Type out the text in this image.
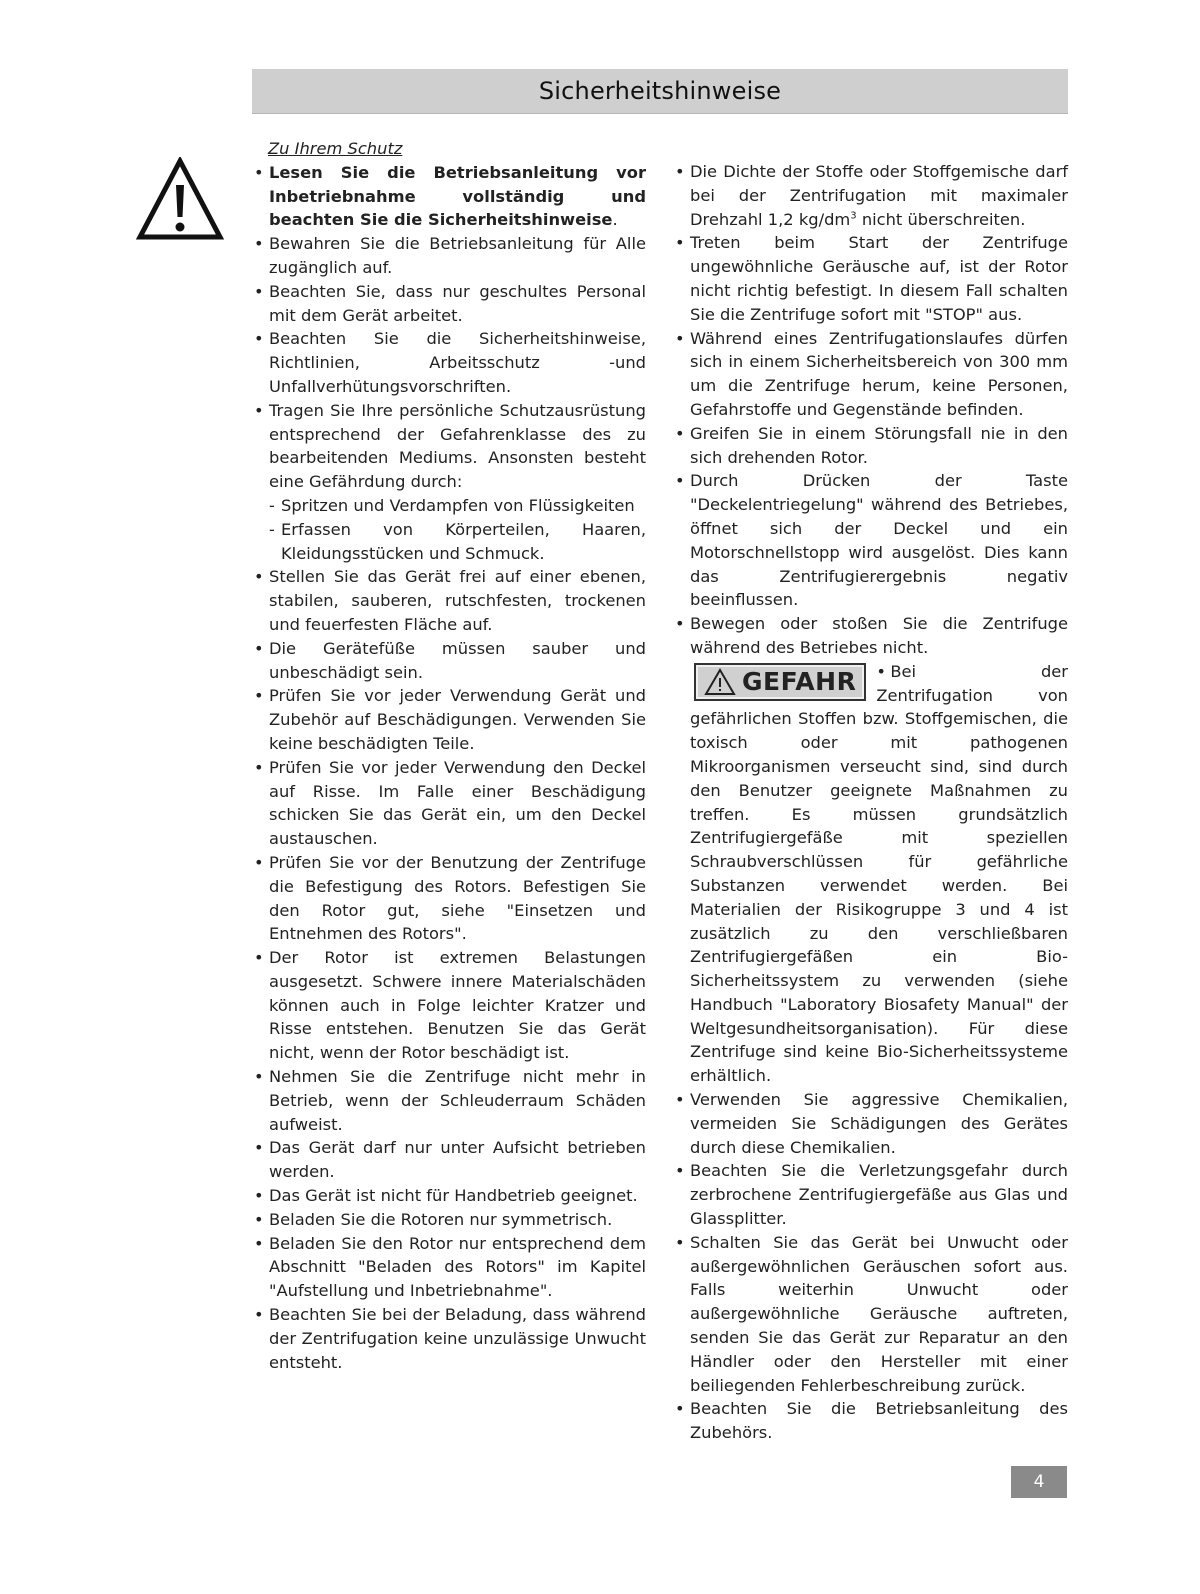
Sicherheitshinweise
Zu Ihrem Schutz
• Lesen Sie die Betriebsanleitung vor Inbetriebnahme vollständig und beachten Sie die Sicherheitshinweise.
• Bewahren Sie die Betriebsanleitung für Alle zugänglich auf.
• Beachten Sie, dass nur geschultes Personal mit dem Gerät arbeitet.
• Beachten Sie die Sicherheitshinweise, Richtlinien, Arbeitsschutz -und Unfallverhütungsvorschriften.
• Tragen Sie Ihre persönliche Schutzausrüstung entsprechend der Gefahrenklasse des zu bearbeitenden Mediums. Ansonsten besteht eine Gefährdung durch:
- Spritzen und Verdampfen von Flüssigkeiten
- Erfassen von Körperteilen, Haaren, Kleidungsstücken und Schmuck.
• Stellen Sie das Gerät frei auf einer ebenen, stabilen, sauberen, rutschfesten, trockenen und feuerfesten Fläche auf.
• Die Gerätefüße müssen sauber und unbeschädigt sein.
• Prüfen Sie vor jeder Verwendung Gerät und Zubehör auf Beschädigungen. Verwenden Sie keine beschädigten Teile.
• Prüfen Sie vor jeder Verwendung den Deckel auf Risse. Im Falle einer Beschädigung schicken Sie das Gerät ein, um den Deckel austauschen.
• Prüfen Sie vor der Benutzung der Zentrifuge die Befestigung des Rotors. Befestigen Sie den Rotor gut, siehe "Einsetzen und Entnehmen des Rotors".
• Der Rotor ist extremen Belastungen ausgesetzt. Schwere innere Materialschäden können auch in Folge leichter Kratzer und Risse entstehen. Benutzen Sie das Gerät nicht, wenn der Rotor beschädigt ist.
• Nehmen Sie die Zentrifuge nicht mehr in Betrieb, wenn der Schleuderraum Schäden aufweist.
• Das Gerät darf nur unter Aufsicht betrieben werden.
• Das Gerät ist nicht für Handbetrieb geeignet.
• Beladen Sie die Rotoren nur symmetrisch.
• Beladen Sie den Rotor nur entsprechend dem Abschnitt "Beladen des Rotors" im Kapitel "Aufstellung und Inbetriebnahme".
• Beachten Sie bei der Beladung, dass während der Zentrifugation keine unzulässige Unwucht entsteht.
• Die Dichte der Stoffe oder Stoffgemische darf bei der Zentrifugation mit maximaler Drehzahl 1,2 $kg/dm^3$ nicht überschreiten.
• Treten beim Start der Zentrifuge ungewöhnliche Geräusche auf, ist der Rotor nicht richtig befestigt. In diesem Fall schalten Sie die Zentrifuge sofort mit "STOP" aus.
• Während eines Zentrifugationslaufes dürfen sich in einem Sicherheitsbereich von 300 mm um die Zentrifuge herum, keine Personen, Gefahrstoffe und Gegenstände befinden.
• Greifen Sie in einem Störungsfall nie in den sich drehenden Rotor.
• Durch Drücken der Taste "Deckelentriegelung" während des Betriebes, öffnet sich der Deckel und ein Motorschnellstopp wird ausgelöst. Dies kann das Zentrifugierergebnis negativ beeinflussen.
• Bewegen oder stoßen Sie die Zentrifuge während des Betriebes nicht.
GEFAHR
• Bei der Zentrifugation von gefährlichen Stoffen bzw. Stoffgemischen, die toxisch oder mit pathogenen Mikroorganismen verseucht sind, sind durch den Benutzer geeignete Maßnahmen zu treffen. Es müssen grundsätzlich Zentrifugiergefäße mit speziellen Schraubverschlüssen für gefährliche Substanzen verwendet werden. Bei Materialien der Risikogruppe 3 und 4 ist zusätzlich zu den verschließbaren Zentrifugiergefäßen ein Bio-Sicherheitssystem zu verwenden (siehe Handbuch "Laboratory Biosafety Manual" der Weltgesundheitsorganisation). Für diese Zentrifuge sind keine Bio-Sicherheitssysteme erhältlich.
• Verwenden Sie aggressive Chemikalien, vermeiden Sie Schädigungen des Gerätes durch diese Chemikalien.
• Beachten Sie die Verletzungsgefahr durch zerbrochene Zentrifugiergefäße aus Glas und Glassplitter.
• Schalten Sie das Gerät bei Unwucht oder außergewöhnlichen Geräuschen sofort aus. Falls weiterhin Unwucht oder außergewöhnliche Geräusche auftreten, senden Sie das Gerät zur Reparatur an den Händler oder den Hersteller mit einer beiliegenden Fehlerbeschreibung zurück.
• Beachten Sie die Betriebsanleitung des Zubehörs.
4
